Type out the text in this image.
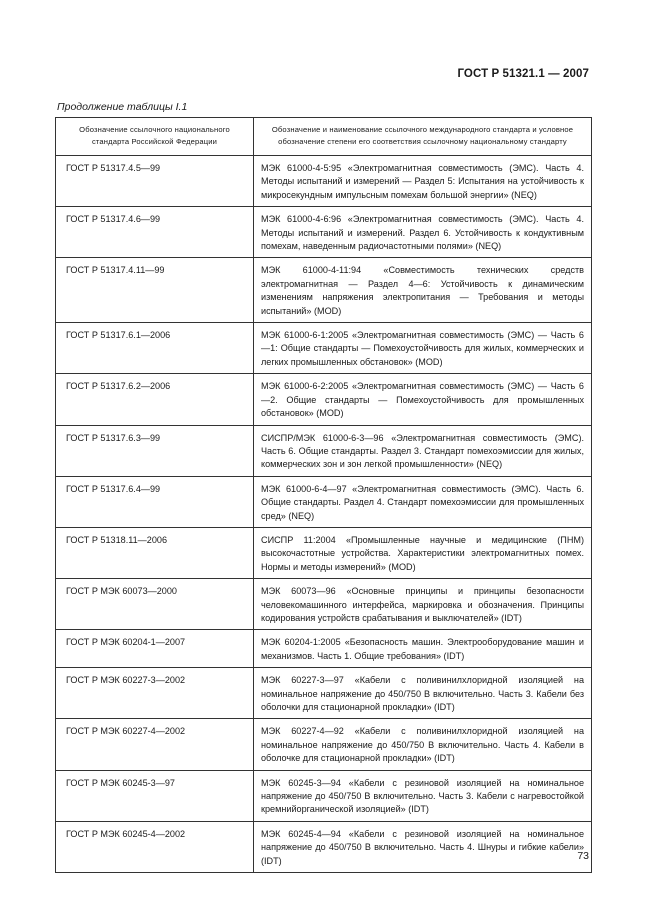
ГОСТ Р 51321.1 — 2007
Продолжение таблицы I.1
Обозначение ссылочного национального стандарта Российской Федерации	Обозначение и наименование ссылочного международного стандарта и условное обозначение степени его соответствия ссылочному национальному стандарту
ГОСТ Р 51317.4.5—99	МЭК 61000-4-5:95 «Электромагнитная совместимость (ЭМС). Часть 4. Методы испытаний и измерений — Раздел 5: Испытания на устойчивость к микросекундным импульсным помехам большой энергии» (NEQ)
ГОСТ Р 51317.4.6—99	МЭК 61000-4-6:96 «Электромагнитная совместимость (ЭМС). Часть 4. Методы испытаний и измерений. Раздел 6. Устойчивость к кондуктивным помехам, наведенным радиочастотными полями» (NEQ)
ГОСТ Р 51317.4.11—99	МЭК 61000-4-11:94 «Совместимость технических средств электромагнитная — Раздел 4—6: Устойчивость к динамическим изменениям напряжения электропитания — Требования и методы испытаний» (MOD)
ГОСТ Р 51317.6.1—2006	МЭК 61000-6-1:2005 «Электромагнитная совместимость (ЭМС) — Часть 6—1: Общие стандарты — Помехоустойчивость для жилых, коммерческих и легких промышленных обстановок» (MOD)
ГОСТ Р 51317.6.2—2006	МЭК 61000-6-2:2005 «Электромагнитная совместимость (ЭМС) — Часть 6—2. Общие стандарты — Помехоустойчивость для промышленных обстановок» (MOD)
ГОСТ Р 51317.6.3—99	СИСПР/МЭК 61000-6-3—96 «Электромагнитная совместимость (ЭМС). Часть 6. Общие стандарты. Раздел 3. Стандарт помехоэмиссии для жилых, коммерческих зон и зон легкой промышленности» (NEQ)
ГОСТ Р 51317.6.4—99	МЭК 61000-6-4—97 «Электромагнитная совместимость (ЭМС). Часть 6. Общие стандарты. Раздел 4. Стандарт помехоэмиссии для промышленных сред» (NEQ)
ГОСТ Р 51318.11—2006	СИСПР 11:2004 «Промышленные научные и медицинские (ПНМ) высокочастотные устройства. Характеристики электромагнитных помех. Нормы и методы измерений» (MOD)
ГОСТ Р МЭК 60073—2000	МЭК 60073—96 «Основные принципы и принципы безопасности человекомашинного интерфейса, маркировка и обозначения. Принципы кодирования устройств срабатывания и выключателей» (IDT)
ГОСТ Р МЭК 60204-1—2007	МЭК 60204-1:2005 «Безопасность машин. Электрооборудование машин и механизмов. Часть 1. Общие требования» (IDT)
ГОСТ Р МЭК 60227-3—2002	МЭК 60227-3—97 «Кабели с поливинилхлоридной изоляцией на номинальное напряжение до 450/750 В включительно. Часть 3. Кабели без оболочки для стационарной прокладки» (IDT)
ГОСТ Р МЭК 60227-4—2002	МЭК 60227-4—92 «Кабели с поливинилхлоридной изоляцией на номинальное напряжение до 450/750 В включительно. Часть 4. Кабели в оболочке для стационарной прокладки» (IDT)
ГОСТ Р МЭК 60245-3—97	МЭК 60245-3—94 «Кабели с резиновой изоляцией на номинальное напряжение до 450/750 В включительно. Часть 3. Кабели с нагревостойкой кремнийорганической изоляцией» (IDT)
ГОСТ Р МЭК 60245-4—2002	МЭК 60245-4—94 «Кабели с резиновой изоляцией на номинальное напряжение до 450/750 В включительно. Часть 4. Шнуры и гибкие кабели» (IDT)	73
